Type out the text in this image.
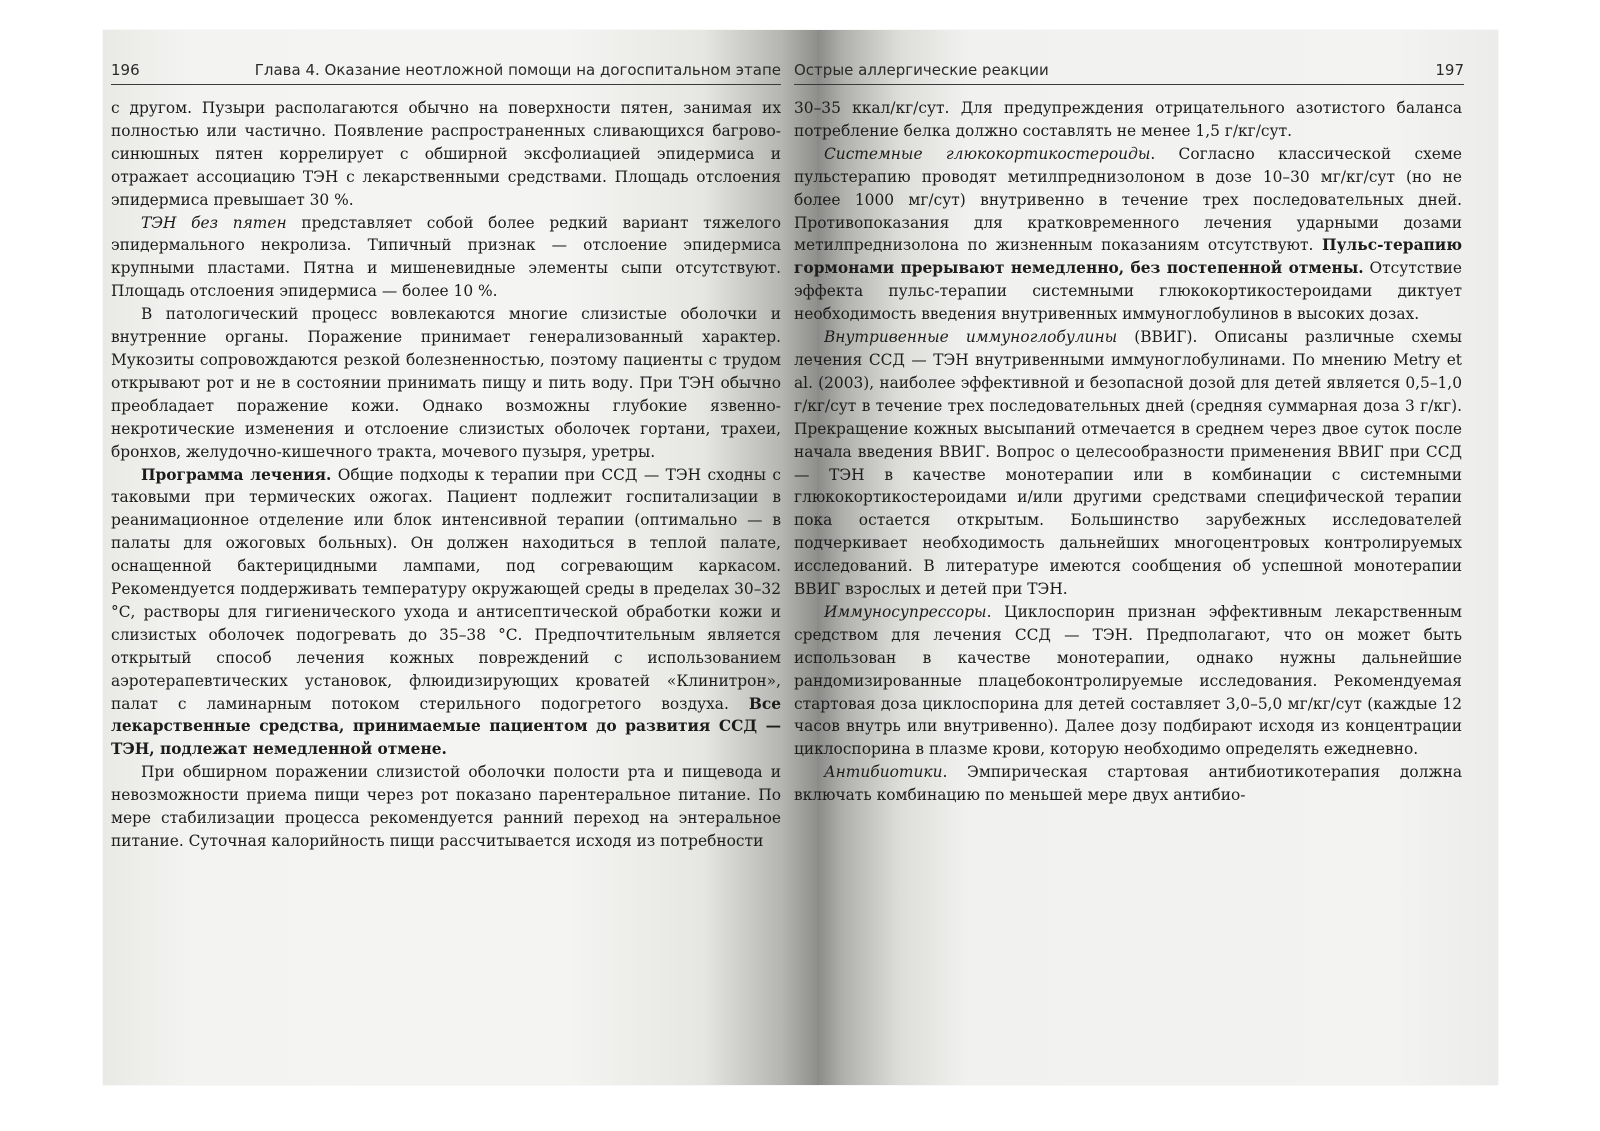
196	Глава 4. Оказание неотложной помощи на догоспитальном этапе Острые аллергические реакции	197

с другом. Пузыри располагаются обычно на поверхности пятен, занимая их полностью или частично. Появление распространенных сливающихся багрово-синюшных пятен коррелирует с обширной эксфолиацией эпидермиса и отражает ассоциацию ТЭН с лекарственными средствами. Площадь отслоения эпидермиса превышает 30 %.

ТЭН без пятен представляет собой более редкий вариант тяжелого эпидермального некролиза. Типичный признак — отслоение эпидермиса крупными пластами. Пятна и мишеневидные элементы сыпи отсутствуют. Площадь отслоения эпидермиса — более 10 %.

В патологический процесс вовлекаются многие слизистые оболочки и внутренние органы. Поражение принимает генерализованный характер. Мукозиты сопровождаются резкой болезненностью, поэтому пациенты с трудом открывают рот и не в состоянии принимать пищу и пить воду. При ТЭН обычно преобладает поражение кожи. Однако возможны глубокие язвенно-некротические изменения и отслоение слизистых оболочек гортани, трахеи, бронхов, желудочно-кишечного тракта, мочевого пузыря, уретры.

Программа лечения. Общие подходы к терапии при ССД — ТЭН сходны с таковыми при термических ожогах. Пациент подлежит госпитализации в реанимационное отделение или блок интенсивной терапии (оптимально — в палаты для ожоговых больных). Он должен находиться в теплой палате, оснащенной бактерицидными лампами, под согревающим каркасом. Рекомендуется поддерживать температуру окружающей среды в пределах 30–32 °С, растворы для гигиенического ухода и антисептической обработки кожи и слизистых оболочек подогревать до 35–38 °С. Предпочтительным является открытый способ лечения кожных повреждений с использованием аэротерапевтических установок, флюидизирующих кроватей «Клинитрон», палат с ламинарным потоком стерильного подогретого воздуха. Все лекарственные средства, принимаемые пациентом до развития ССД — ТЭН, подлежат немедленной отмене.

При обширном поражении слизистой оболочки полости рта и пищевода и невозможности приема пищи через рот показано парентеральное питание. По мере стабилизации процесса рекомендуется ранний переход на энтеральное питание. Суточная калорийность пищи рассчитывается исходя из потребности

30–35 ккал/кг/сут. Для предупреждения отрицательного азотистого баланса потребление белка должно составлять не менее 1,5 г/кг/сут.

Системные глюкокортикостероиды. Согласно классической схеме пульстерапию проводят метилпреднизолоном в дозе 10–30 мг/кг/сут (но не более 1000 мг/сут) внутривенно в течение трех последовательных дней. Противопоказания для кратковременного лечения ударными дозами метилпреднизолона по жизненным показаниям отсутствуют. Пульс-терапию гормонами прерывают немедленно, без постепенной отмены. Отсутствие эффекта пульс-терапии системными глюкокортикостероидами диктует необходимость введения внутривенных иммуноглобулинов в высоких дозах.

Внутривенные иммуноглобулины (ВВИГ). Описаны различные схемы лечения ССД — ТЭН внутривенными иммуноглобулинами. По мнению Metry et al. (2003), наиболее эффективной и безопасной дозой для детей является 0,5–1,0 г/кг/сут в течение трех последовательных дней (средняя суммарная доза 3 г/кг). Прекращение кожных высыпаний отмечается в среднем через двое суток после начала введения ВВИГ. Вопрос о целесообразности применения ВВИГ при ССД — ТЭН в качестве монотерапии или в комбинации с системными глюкокортикостероидами и/или другими средствами специфической терапии пока остается открытым. Большинство зарубежных исследователей подчеркивает необходимость дальнейших многоцентровых контролируемых исследований. В литературе имеются сообщения об успешной монотерапии ВВИГ взрослых и детей при ТЭН.

Иммуносупрессоры. Циклоспорин признан эффективным лекарственным средством для лечения ССД — ТЭН. Предполагают, что он может быть использован в качестве монотерапии, однако нужны дальнейшие рандомизированные плацебоконтролируемые исследования. Рекомендуемая стартовая доза циклоспорина для детей составляет 3,0–5,0 мг/кг/сут (каждые 12 часов внутрь или внутривенно). Далее дозу подбирают исходя из концентрации циклоспорина в плазме крови, которую необходимо определять ежедневно.

Антибиотики. Эмпирическая стартовая антибиотикотерапия должна включать комбинацию по меньшей мере двух антибио-
